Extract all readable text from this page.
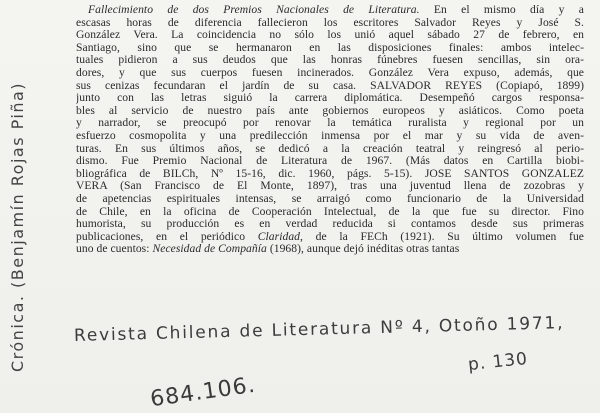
Fallecimiento de dos Premios Nacionales de Literatura. En el mismo día y a
escasas horas de diferencia fallecieron los escritores Salvador Reyes y José S.
González Vera. La coincidencia no sólo los unió aquel sábado 27 de febrero, en
Santiago, sino que se hermanaron en las disposiciones finales: ambos intelec-
tuales pidieron a sus deudos que las honras fúnebres fuesen sencillas, sin ora-
dores, y que sus cuerpos fuesen incinerados. González Vera expuso, además, que
sus cenizas fecundaran el jardín de su casa. SALVADOR REYES (Copiapó, 1899)
junto con las letras siguió la carrera diplomática. Desempeñó cargos responsa-
bles al servicio de nuestro país ante gobiernos europeos y asiáticos. Como poeta
y narrador, se preocupó por renovar la temática ruralista y regional por un
esfuerzo cosmopolita y una predilección inmensa por el mar y su vida de aven-
turas. En sus últimos años, se dedicó a la creación teatral y reingresó al perio-
dismo. Fue Premio Nacional de Literatura de 1967. (Más datos en Cartilla biobi-
bliográfica de BILCh, Nº 15-16, dic. 1960, págs. 5-15). JOSE SANTOS GONZALEZ
VERA (San Francisco de El Monte, 1897), tras una juventud llena de zozobras y
de apetencias espirituales intensas, se arraigó como funcionario de la Universidad
de Chile, en la oficina de Cooperación Intelectual, de la que fue su director. Fino
humorista, su producción es en verdad reducida si contamos desde sus primeras
publicaciones, en el periódico Claridad, de la FECh (1921). Su último volumen fue
uno de cuentos: Necesidad de Compañía (1968), aunque dejó inéditas otras tantas
Crónica. (Benjamín Rojas Piña)	Revista Chilena de Literatura Nº 4, Otoño 1971,
p. 130
684.106.
